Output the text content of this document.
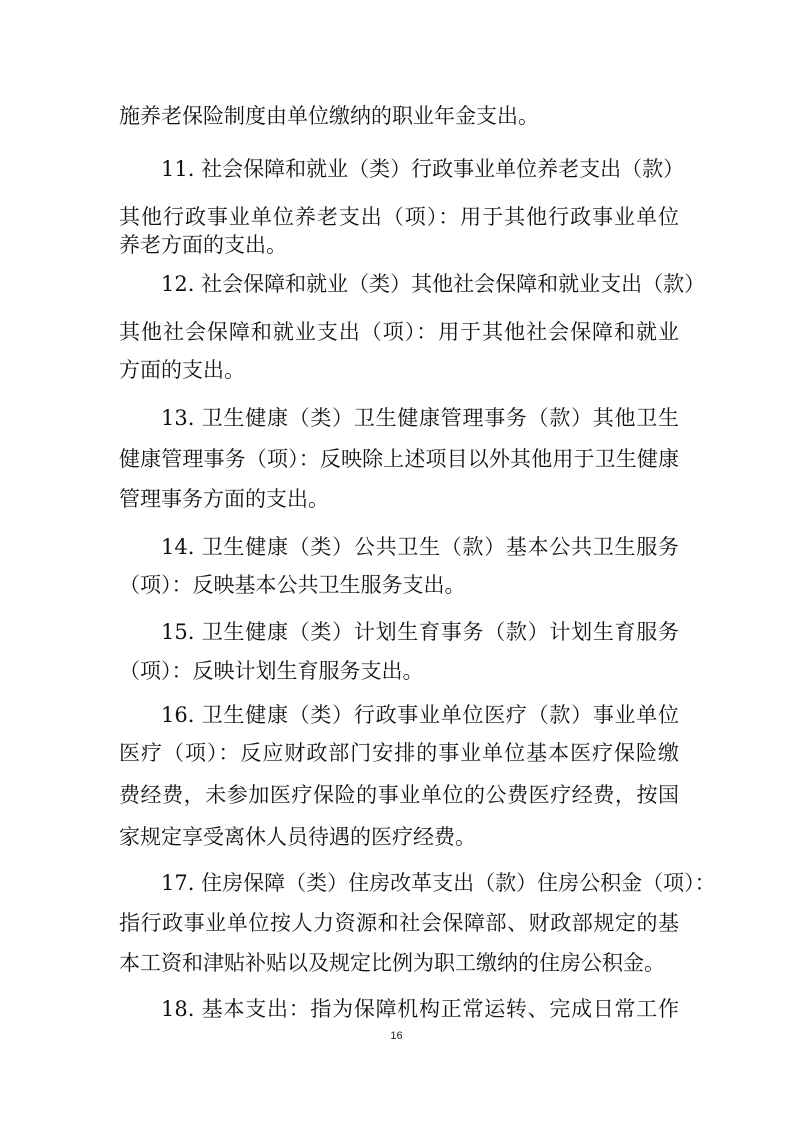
施养老保险制度由单位缴纳的职业年金支出。
11. 社会保障和就业（类）行政事业单位养老支出（款）
其他行政事业单位养老支出（项）：用于其他行政事业单位
养老方面的支出。
12. 社会保障和就业（类）其他社会保障和就业支出（款）
其他社会保障和就业支出（项）：用于其他社会保障和就业
方面的支出。
13. 卫生健康（类）卫生健康管理事务（款）其他卫生
健康管理事务（项）：反映除上述项目以外其他用于卫生健康
管理事务方面的支出。
14. 卫生健康（类）公共卫生（款）基本公共卫生服务
（项）：反映基本公共卫生服务支出。
15. 卫生健康（类）计划生育事务（款）计划生育服务
（项）：反映计划生育服务支出。
16. 卫生健康（类）行政事业单位医疗（款）事业单位
医疗（项）：反应财政部门安排的事业单位基本医疗保险缴
费经费，未参加医疗保险的事业单位的公费医疗经费，按国
家规定享受离休人员待遇的医疗经费。
17. 住房保障（类）住房改革支出（款）住房公积金（项）：
指行政事业单位按人力资源和社会保障部、财政部规定的基
本工资和津贴补贴以及规定比例为职工缴纳的住房公积金。
18. 基本支出：指为保障机构正常运转、完成日常工作
16
